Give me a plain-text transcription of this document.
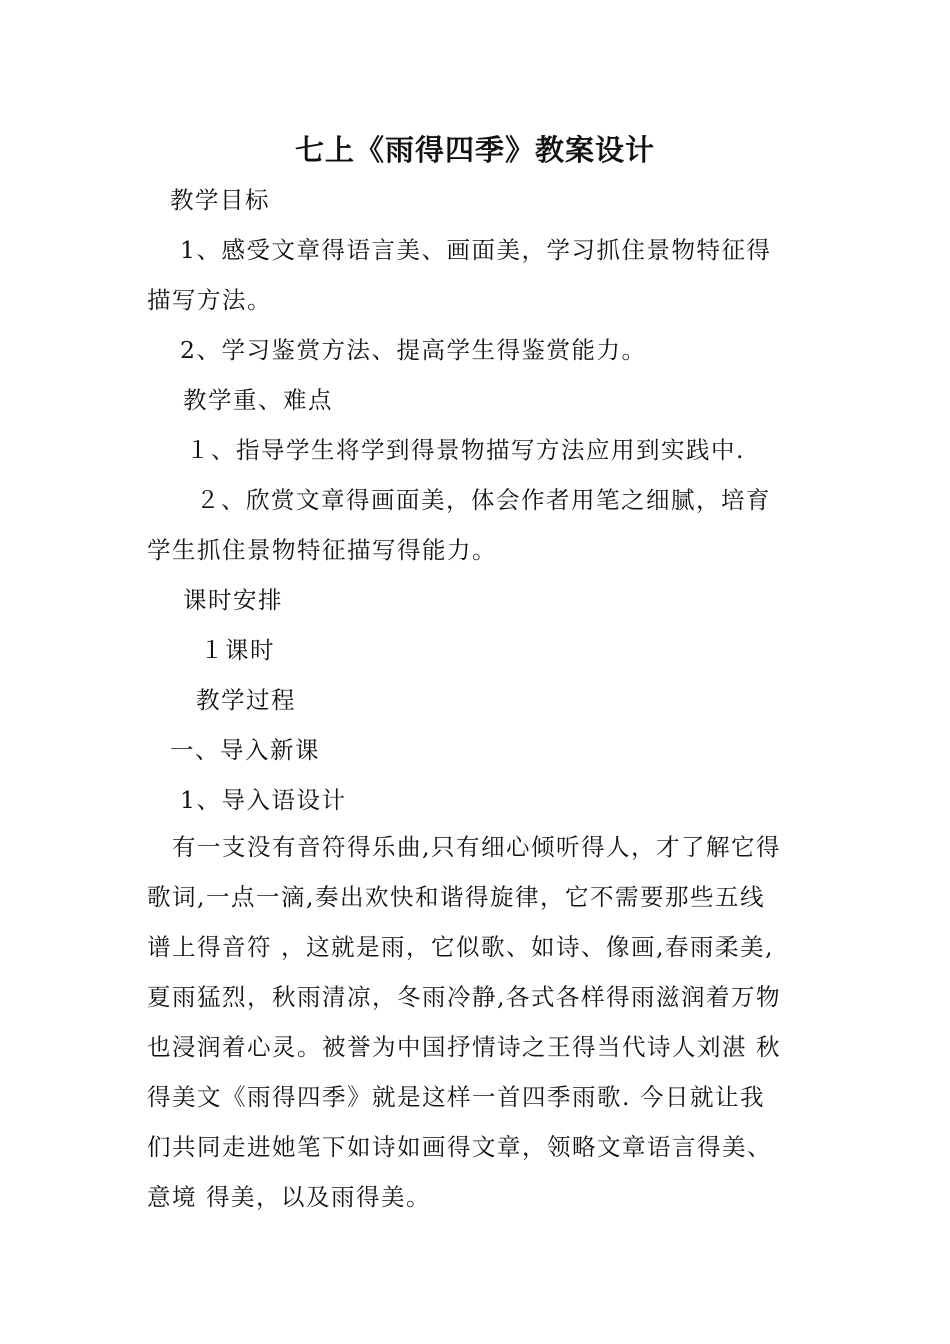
七上《雨得四季》教案设计
教学目标
1、感受文章得语言美、画面美，学习抓住景物特征得
描写方法。
2、学习鉴赏方法、提高学生得鉴赏能力。
教学重、难点
１、指导学生将学到得景物描写方法应用到实践中.
２、欣赏文章得画面美，体会作者用笔之细腻，培育
学生抓住景物特征描写得能力。
课时安排
１课时
教学过程
一、导入新课
1、导入语设计
有一支没有音符得乐曲,只有细心倾听得人，才了解它得
歌词,一点一滴,奏出欢快和谐得旋律，它不需要那些五线
谱上得音符 ，这就是雨，它似歌、如诗、像画,春雨柔美,
夏雨猛烈，秋雨清凉，冬雨冷静,各式各样得雨滋润着万物
也浸润着心灵。被誉为中国抒情诗之王得当代诗人刘湛 秋
得美文《雨得四季》就是这样一首四季雨歌. 今日就让我
们共同走进她笔下如诗如画得文章，领略文章语言得美、
意境 得美，以及雨得美。
